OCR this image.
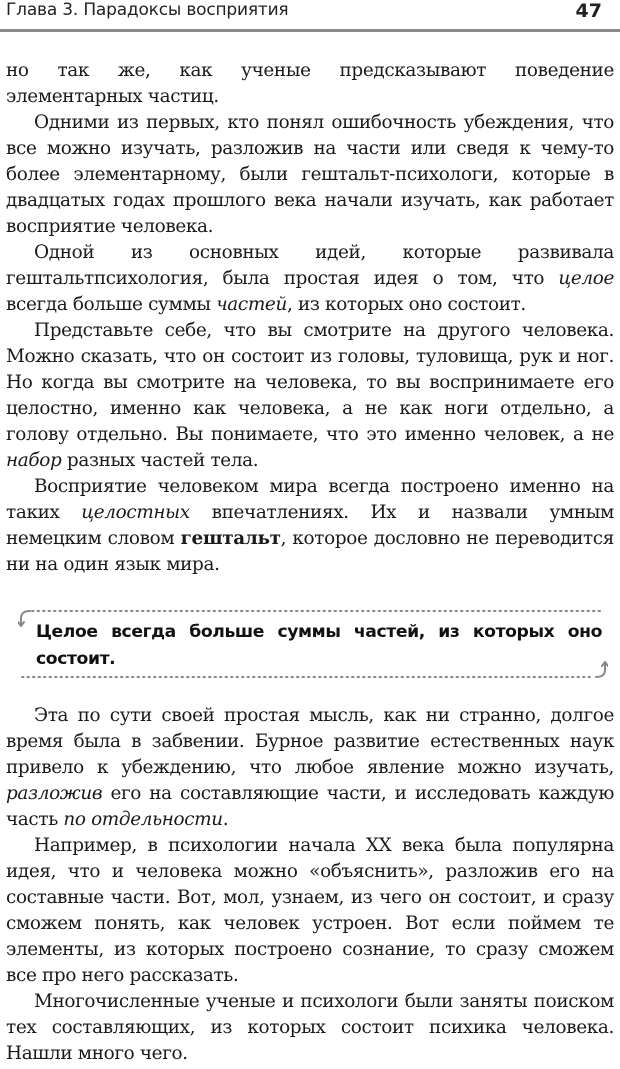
Глава 3. Парадоксы восприятия	47

но так же, как ученые предсказывают поведение элементарных частиц.

Одними из первых, кто понял ошибочность убеждения, что все можно изучать, разложив на части или сведя к чему-то более элементарному, были гештальт-психологи, которые в двадцатых годах прошлого века начали изучать, как работает восприятие человека.

Одной из основных идей, которые развивала гештальтпсихология, была простая идея о том, что целое всегда больше суммы частей, из которых оно состоит.

Представьте себе, что вы смотрите на другого человека. Можно сказать, что он состоит из головы, туловища, рук и ног. Но когда вы смотрите на человека, то вы воспринимаете его целостно, именно как человека, а не как ноги отдельно, а голову отдельно. Вы понимаете, что это именно человек, а не набор разных частей тела.

Восприятие человеком мира всегда построено именно на таких целостных впечатлениях. Их и назвали умным немецким словом гештальт, которое дословно не переводится ни на один язык мира.

Целое всегда больше суммы частей, из которых оно состоит.

Эта по сути своей простая мысль, как ни странно, долгое время была в забвении. Бурное развитие естественных наук привело к убеждению, что любое явление можно изучать, разложив его на составляющие части, и исследовать каждую часть по отдельности.

Например, в психологии начала XX века была популярна идея, что и человека можно «объяснить», разложив его на составные части. Вот, мол, узнаем, из чего он состоит, и сразу сможем понять, как человек устроен. Вот если поймем те элементы, из которых построено сознание, то сразу сможем все про него рассказать.

Многочисленные ученые и психологи были заняты поиском тех составляющих, из которых состоит психика человека. Нашли много чего.
